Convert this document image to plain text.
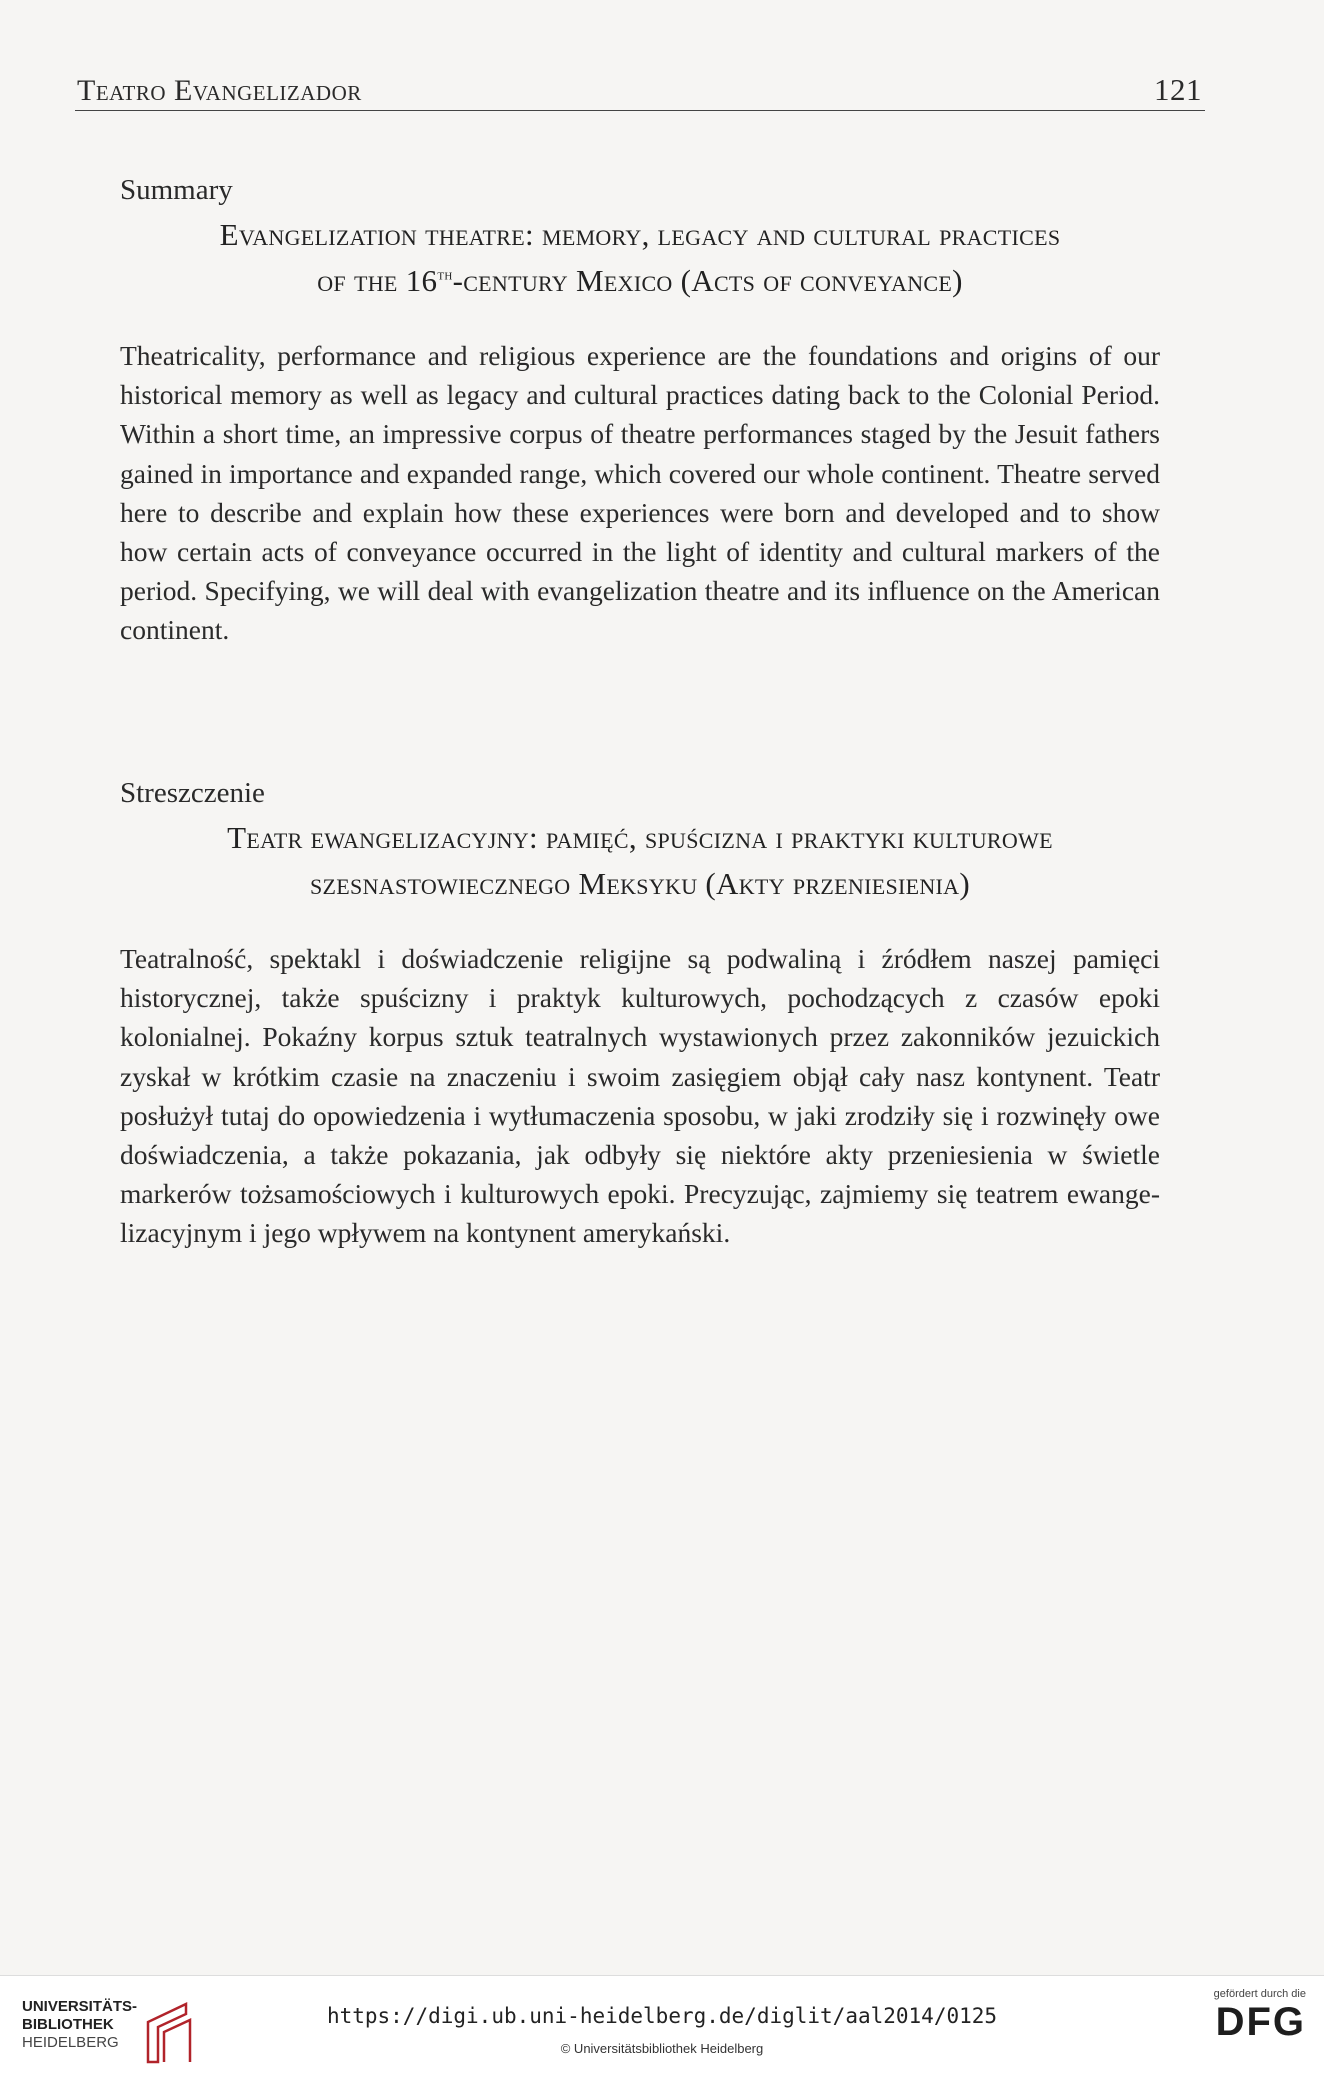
Teatro Evangelizador	121

Summary

Evangelization theatre: memory, legacy and cultural practices
of the 16th-century Mexico (Acts of conveyance)

Theatricality, performance and religious experience are the foundations and origins of our historical memory as well as legacy and cultural practices dating back to the Colonial Period. Within a short time, an impressive corpus of theatre performances staged by the Jesuit fathers gained in importance and expanded range, which covered our whole continent. Theatre served here to describe and explain how these experiences were born and developed and to show how certain acts of conveyance occurred in the light of identity and cultural markers of the period. Specifying, we will deal with evangelization theatre and its influence on the American continent.

Streszczenie

Teatr ewangelizacyjny: pamięć, spuścizna i praktyki kulturowe
szesnastowiecznego Meksyku (Akty przeniesienia)

Teatralność, spektakl i doświadczenie religijne są podwaliną i źródłem naszej pamięci historycznej, także spuścizny i praktyk kulturowych, pochodzących z czasów epoki kolonialnej. Pokaźny korpus sztuk teatralnych wystawionych przez zakonników jezuickich zyskał w krótkim czasie na znaczeniu i swoim zasięgiem objął cały nasz kontynent. Teatr posłużył tutaj do opowiedzenia i wytłumaczenia sposobu, w jaki zrodziły się i rozwinęły owe doświadczenia, a także pokazania, jak odbyły się niektóre akty przeniesienia w świetle markerów tożsamościowych i kulturowych epoki. Precyzując, zajmiemy się teatrem ewangelizacyjnym i jego wpływem na kontynent amerykański.

UNIVERSITÄTS-
BIBLIOTHEK
HEIDELBERG
https://digi.ub.uni-heidelberg.de/diglit/aal2014/0125
© Universitätsbibliothek Heidelberg
gefördert durch die
DFG
